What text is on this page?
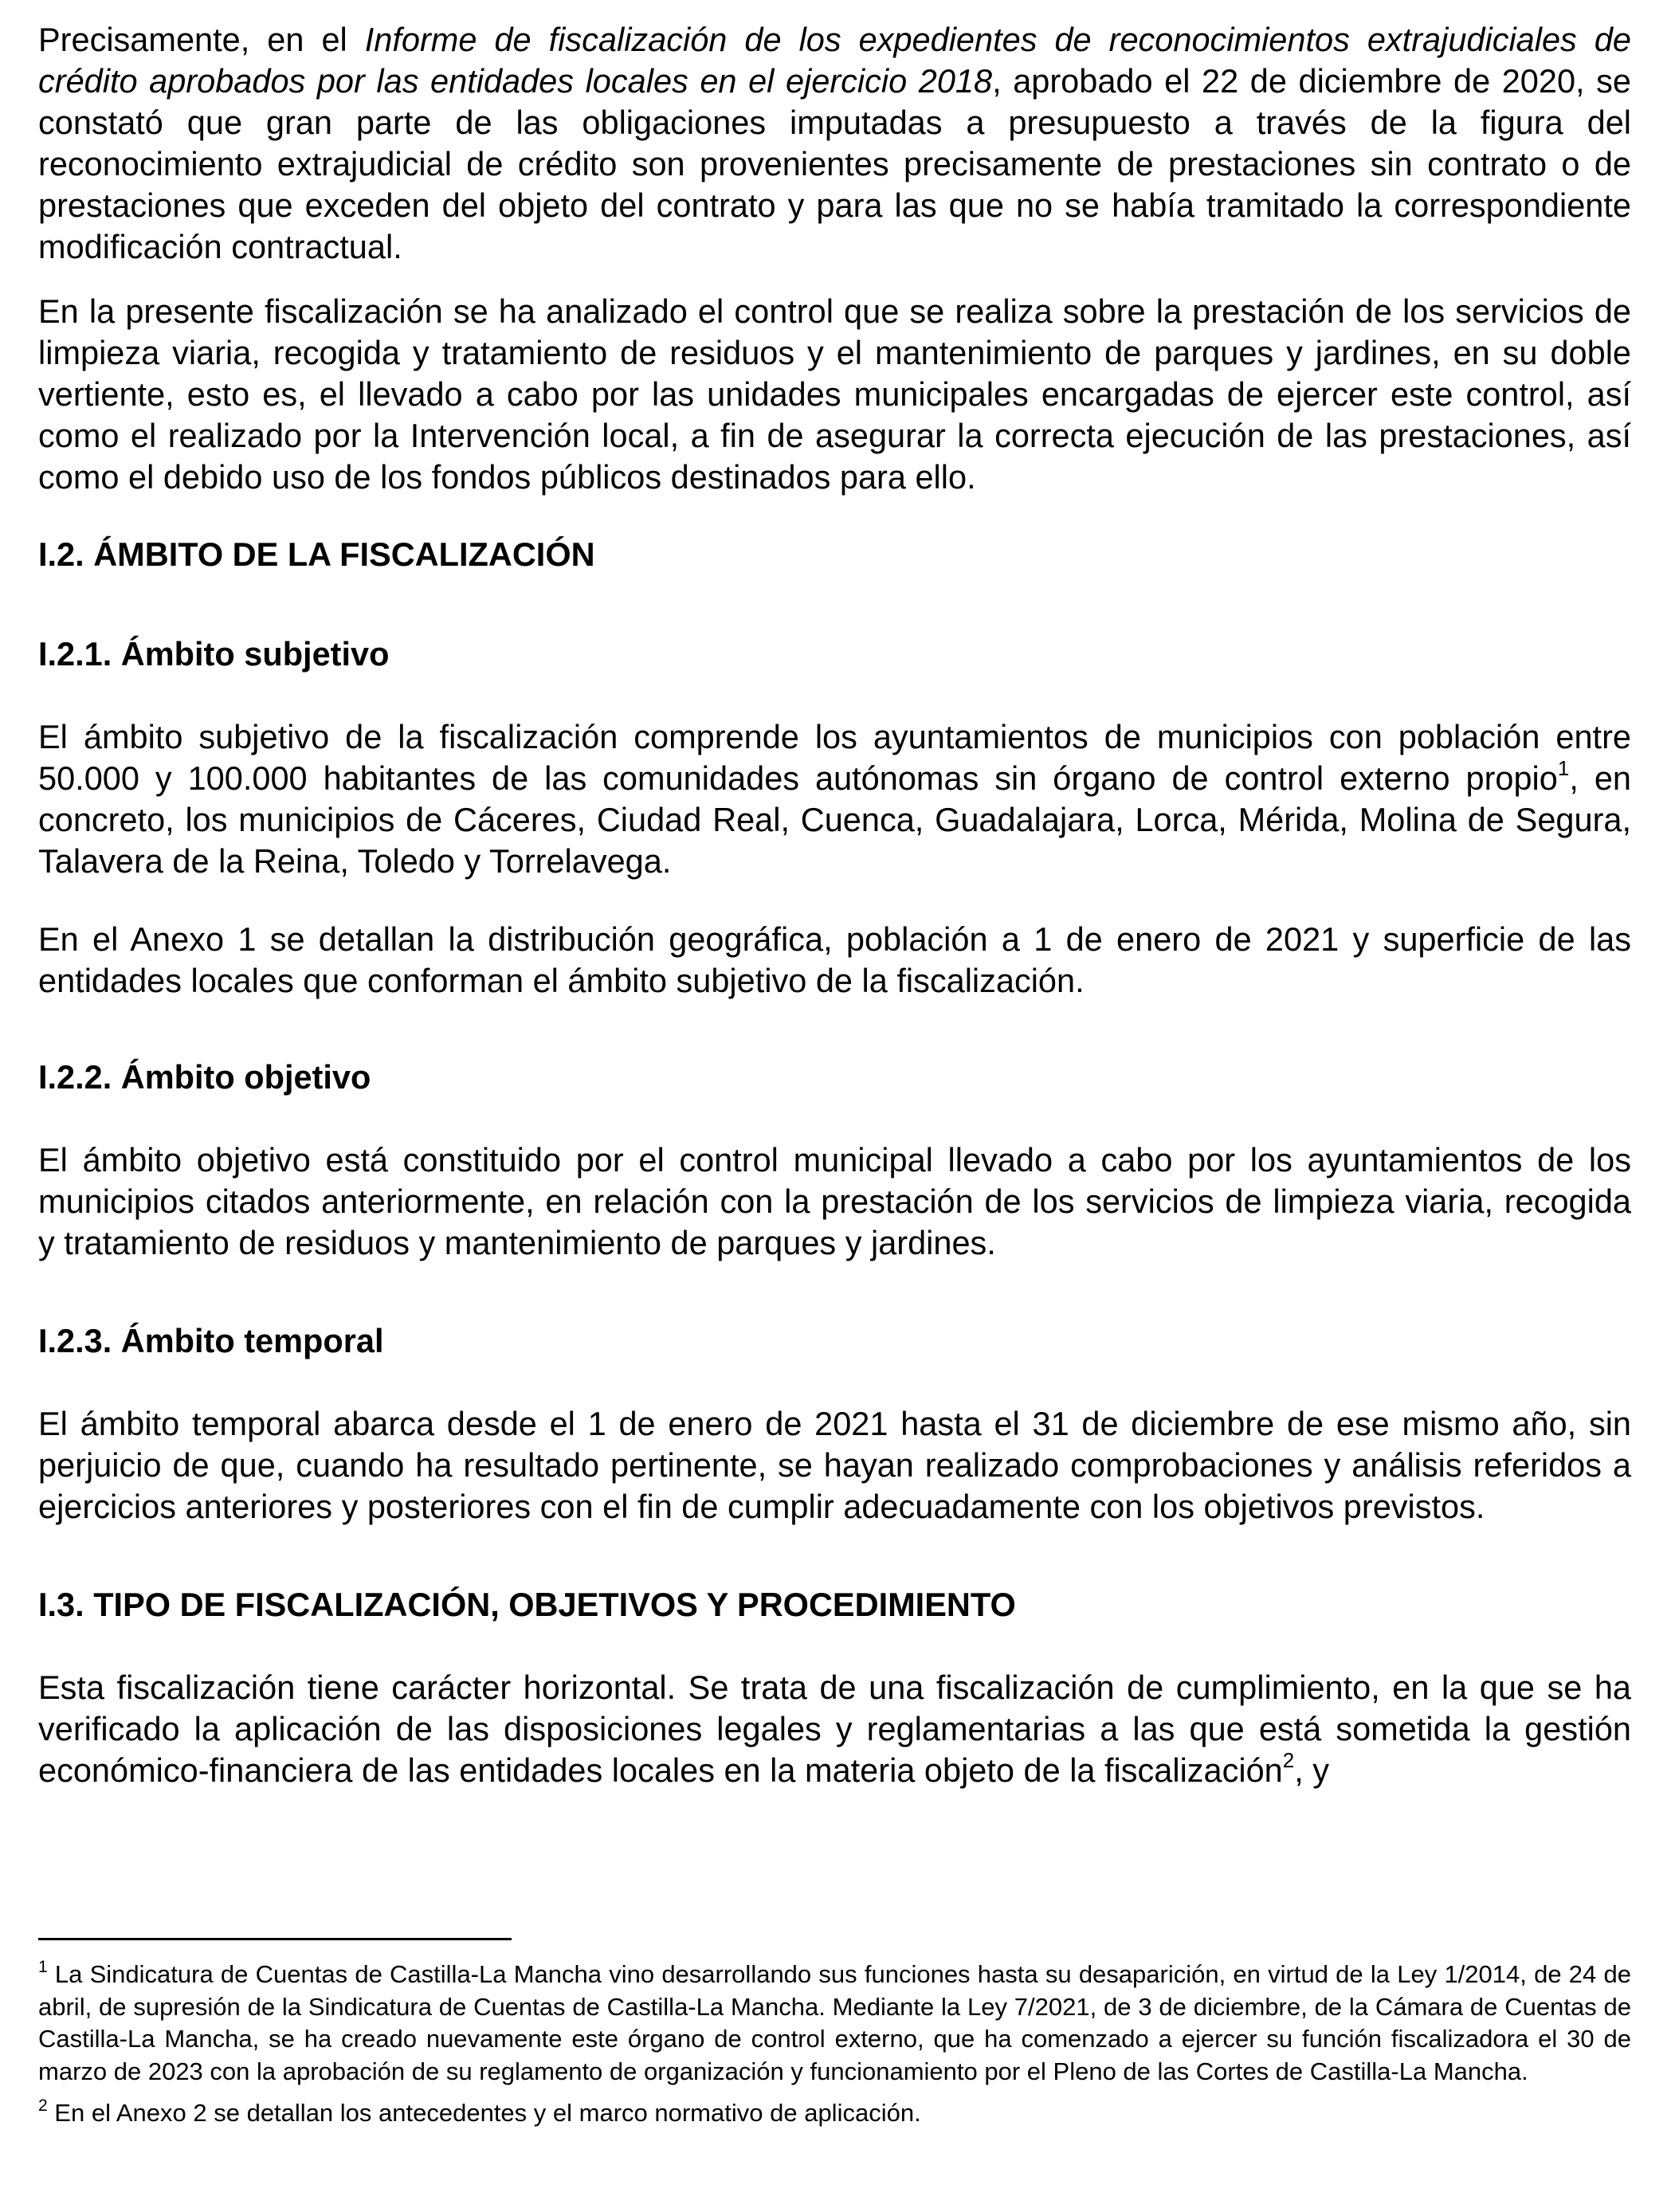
Precisamente, en el Informe de fiscalización de los expedientes de reconocimientos extrajudiciales de crédito aprobados por las entidades locales en el ejercicio 2018, aprobado el 22 de diciembre de 2020, se constató que gran parte de las obligaciones imputadas a presupuesto a través de la figura del reconocimiento extrajudicial de crédito son provenientes precisamente de prestaciones sin contrato o de prestaciones que exceden del objeto del contrato y para las que no se había tramitado la correspondiente modificación contractual.

En la presente fiscalización se ha analizado el control que se realiza sobre la prestación de los servicios de limpieza viaria, recogida y tratamiento de residuos y el mantenimiento de parques y jardines, en su doble vertiente, esto es, el llevado a cabo por las unidades municipales encargadas de ejercer este control, así como el realizado por la Intervención local, a fin de asegurar la correcta ejecución de las prestaciones, así como el debido uso de los fondos públicos destinados para ello.

I.2. ÁMBITO DE LA FISCALIZACIÓN
I.2.1. Ámbito subjetivo

El ámbito subjetivo de la fiscalización comprende los ayuntamientos de municipios con población entre 50.000 y 100.000 habitantes de las comunidades autónomas sin órgano de control externo propio$^1$, en concreto, los municipios de Cáceres, Ciudad Real, Cuenca, Guadalajara, Lorca, Mérida, Molina de Segura, Talavera de la Reina, Toledo y Torrelavega.

En el Anexo 1 se detallan la distribución geográfica, población a 1 de enero de 2021 y superficie de las entidades locales que conforman el ámbito subjetivo de la fiscalización.

I.2.2. Ámbito objetivo

El ámbito objetivo está constituido por el control municipal llevado a cabo por los ayuntamientos de los municipios citados anteriormente, en relación con la prestación de los servicios de limpieza viaria, recogida y tratamiento de residuos y mantenimiento de parques y jardines.

I.2.3. Ámbito temporal

El ámbito temporal abarca desde el 1 de enero de 2021 hasta el 31 de diciembre de ese mismo año, sin perjuicio de que, cuando ha resultado pertinente, se hayan realizado comprobaciones y análisis referidos a ejercicios anteriores y posteriores con el fin de cumplir adecuadamente con los objetivos previstos.

I.3. TIPO DE FISCALIZACIÓN, OBJETIVOS Y PROCEDIMIENTO

Esta fiscalización tiene carácter horizontal. Se trata de una fiscalización de cumplimiento, en la que se ha verificado la aplicación de las disposiciones legales y reglamentarias a las que está sometida la gestión económico-financiera de las entidades locales en la materia objeto de la fiscalización$^2$, y

$^1$ La Sindicatura de Cuentas de Castilla-La Mancha vino desarrollando sus funciones hasta su desaparición, en virtud de la Ley 1/2014, de 24 de abril, de supresión de la Sindicatura de Cuentas de Castilla-La Mancha. Mediante la Ley 7/2021, de 3 de diciembre, de la Cámara de Cuentas de Castilla-La Mancha, se ha creado nuevamente este órgano de control externo, que ha comenzado a ejercer su función fiscalizadora el 30 de marzo de 2023 con la aprobación de su reglamento de organización y funcionamiento por el Pleno de las Cortes de Castilla-La Mancha.

$^2$ En el Anexo 2 se detallan los antecedentes y el marco normativo de aplicación.
